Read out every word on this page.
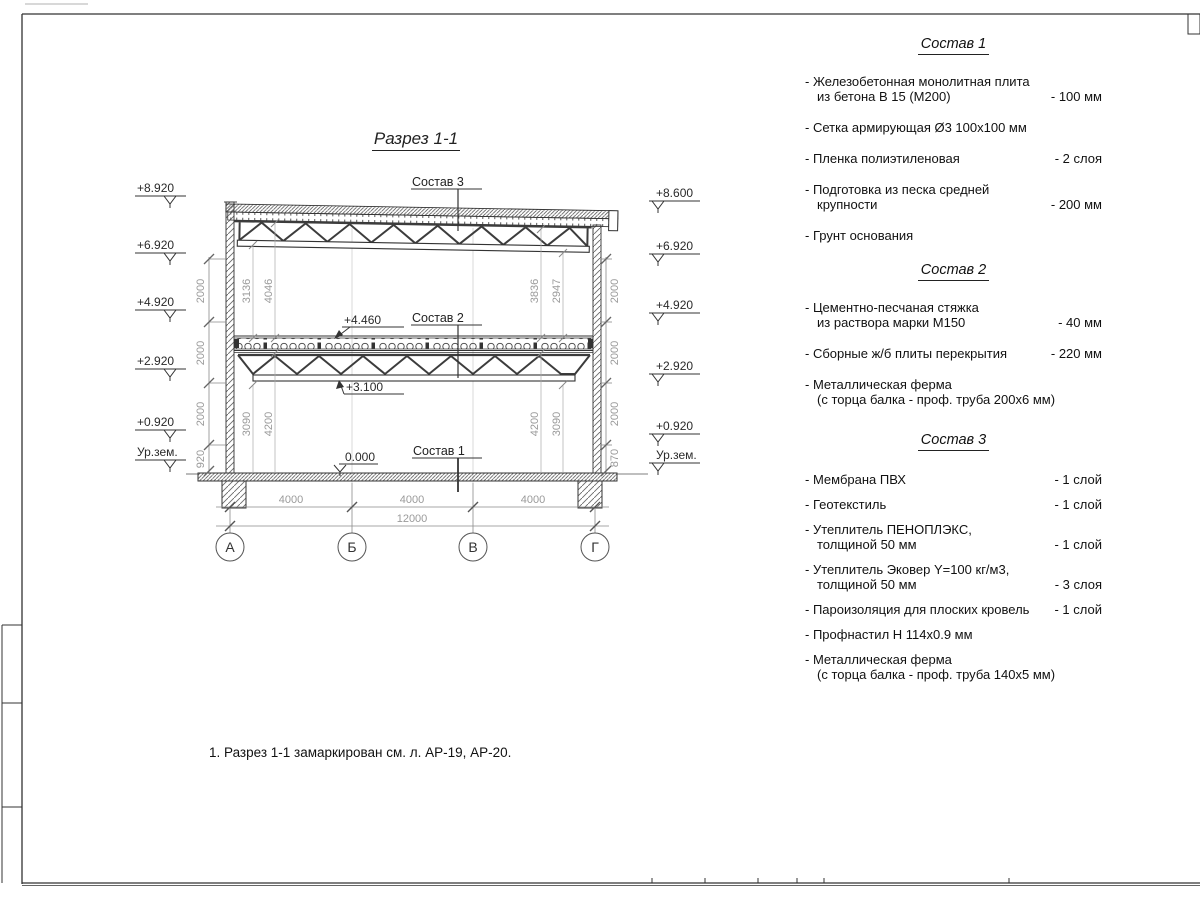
+8.920
+6.920
+4.920
+2.920
+0.920
Ур.зем.
+8.600
+6.920
+4.920
+2.920
+0.920
Ур.зем.
2000
2000
2000
920
2000
2000
2000
870
3136 4046	3836 2947
3090 4200	4200 3090
+4.460
+3.100
0.000
Состав 3
Состав 2
Состав 1
4000	4000	4000
12000
А	Б	В	Г
Разрез 1-1
Состав 1
- Железобетонная монолитная плита
из бетона В 15 (М200)	- 100 мм
- Сетка армирующая Ø3 100х100 мм
- Пленка полиэтиленовая	- 2 слоя
- Подготовка из песка средней
крупности	- 200 мм
- Грунт основания
Состав 2
- Цементно-песчаная стяжка
из раствора марки М150	- 40 мм
- Сборные ж/б плиты перекрытия	- 220 мм
- Металлическая ферма
(с торца балка - проф. труба 200х6 мм)
Состав 3
- Мембрана ПВХ	- 1 слой
- Геотекстиль	- 1 слой
- Утеплитель ПЕНОПЛЭКС,
толщиной 50 мм	- 1 слой
- Утеплитель Эковер Y=100 кг/м3,
толщиной 50 мм	- 3 слоя
- Пароизоляция для плоских кровель	- 1 слой
- Профнастил Н 114х0.9 мм
- Металлическая ферма
(с торца балка - проф. труба 140х5 мм)
1. Разрез 1-1 замаркирован см. л. АР-19, АР-20.
